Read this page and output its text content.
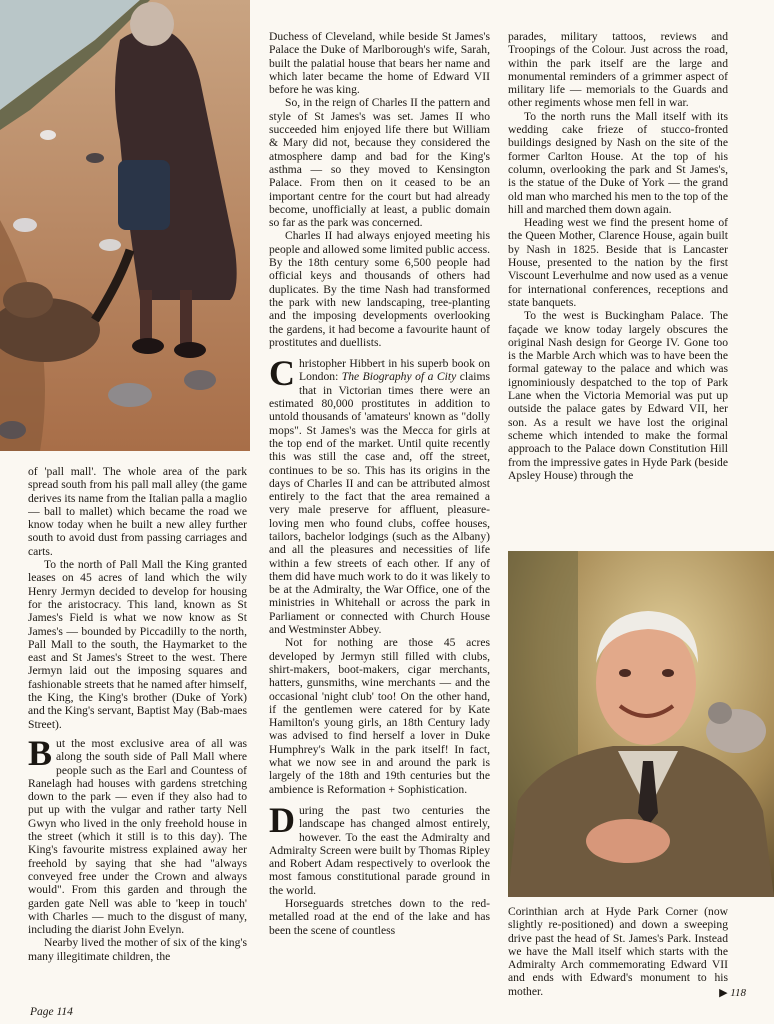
of 'pall mall'. The whole area of the park spread south from his pall mall alley (the game derives its name from the Italian palla a maglio — ball to mallet) which became the road we know today when he built a new alley further south to avoid dust from passing carriages and carts.

To the north of Pall Mall the King granted leases on 45 acres of land which the wily Henry Jermyn decided to develop for housing for the aristocracy. This land, known as St James's Field is what we now know as St James's — bounded by Piccadilly to the north, Pall Mall to the south, the Haymarket to the east and St James's Street to the west. There Jermyn laid out the imposing squares and fashionable streets that he named after himself, the King, the King's brother (Duke of York) and the King's servant, Baptist May (Bab-maes Street).

But the most exclusive area of all was along the south side of Pall Mall where people such as the Earl and Countess of Ranelagh had houses with gardens stretching down to the park — even if they also had to put up with the vulgar and rather tarty Nell Gwyn who lived in the only freehold house in the street (which it still is to this day). The King's favourite mistress explained away her freehold by saying that she had "always conveyed free under the Crown and always would". From this garden and through the garden gate Nell was able to 'keep in touch' with Charles — much to the disgust of many, including the diarist John Evelyn.

Nearby lived the mother of six of the king's many illegitimate children, the

Duchess of Cleveland, while beside St James's Palace the Duke of Marlborough's wife, Sarah, built the palatial house that bears her name and which later became the home of Edward VII before he was king.

So, in the reign of Charles II the pattern and style of St James's was set. James II who succeeded him enjoyed life there but William & Mary did not, because they considered the atmosphere damp and bad for the King's asthma — so they moved to Kensington Palace. From then on it ceased to be an important centre for the court but had already become, unofficially at least, a public domain so far as the park was concerned.

Charles II had always enjoyed meeting his people and allowed some limited public access. By the 18th century some 6,500 people had official keys and thousands of others had duplicates. By the time Nash had transformed the park with new landscaping, tree-planting and the imposing developments overlooking the gardens, it had become a favourite haunt of prostitutes and duellists.

Christopher Hibbert in his superb book on London: The Biography of a City claims that in Victorian times there were an estimated 80,000 prostitutes in addition to untold thousands of 'amateurs' known as "dolly mops". St James's was the Mecca for girls at the top end of the market. Until quite recently this was still the case and, off the street, continues to be so. This has its origins in the days of Charles II and can be attributed almost entirely to the fact that the area remained a very male preserve for affluent, pleasure-loving men who found clubs, coffee houses, tailors, bachelor lodgings (such as the Albany) and all the pleasures and necessities of life within a few streets of each other. If any of them did have much work to do it was likely to be at the Admiralty, the War Office, one of the ministries in Whitehall or across the park in Parliament or connected with Church House and Westminster Abbey.

Not for nothing are those 45 acres developed by Jermyn still filled with clubs, shirt-makers, boot-makers, cigar merchants, hatters, gunsmiths, wine merchants — and the occasional 'night club' too! On the other hand, if the gentlemen were catered for by Kate Hamilton's young girls, an 18th Century lady was advised to find herself a lover in Duke Humphrey's Walk in the park itself! In fact, what we now see in and around the park is largely of the 18th and 19th centuries but the ambience is Reformation + Sophistication.

During the past two centuries the landscape has changed almost entirely, however. To the east the Admiralty and Admiralty Screen were built by Thomas Ripley and Robert Adam respectively to overlook the most famous constitutional parade ground in the world.

Horseguards stretches down to the red-metalled road at the end of the lake and has been the scene of countless

parades, military tattoos, reviews and Troopings of the Colour. Just across the road, within the park itself are the large and monumental reminders of a grimmer aspect of military life — memorials to the Guards and other regiments whose men fell in war.

To the north runs the Mall itself with its wedding cake frieze of stucco-fronted buildings designed by Nash on the site of the former Carlton House. At the top of his column, overlooking the park and St James's, is the statue of the Duke of York — the grand old man who marched his men to the top of the hill and marched them down again.

Heading west we find the present home of the Queen Mother, Clarence House, again built by Nash in 1825. Beside that is Lancaster House, presented to the nation by the first Viscount Leverhulme and now used as a venue for international conferences, receptions and state banquets.

To the west is Buckingham Palace. The façade we know today largely obscures the original Nash design for George IV. Gone too is the Marble Arch which was to have been the formal gateway to the palace and which was ignominiously despatched to the top of Park Lane when the Victoria Memorial was put up outside the palace gates by Edward VII, her son. As a result we have lost the original scheme which intended to make the formal approach to the Palace down Constitution Hill from the impressive gates in Hyde Park (beside Apsley House) through the

Corinthian arch at Hyde Park Corner (now slightly re-positioned) and down a sweeping drive past the head of St. James's Park. Instead we have the Mall itself which starts with the Admiralty Arch commemorating Edward VII and ends with Edward's monument to his mother.	▶ 118
Page 114
